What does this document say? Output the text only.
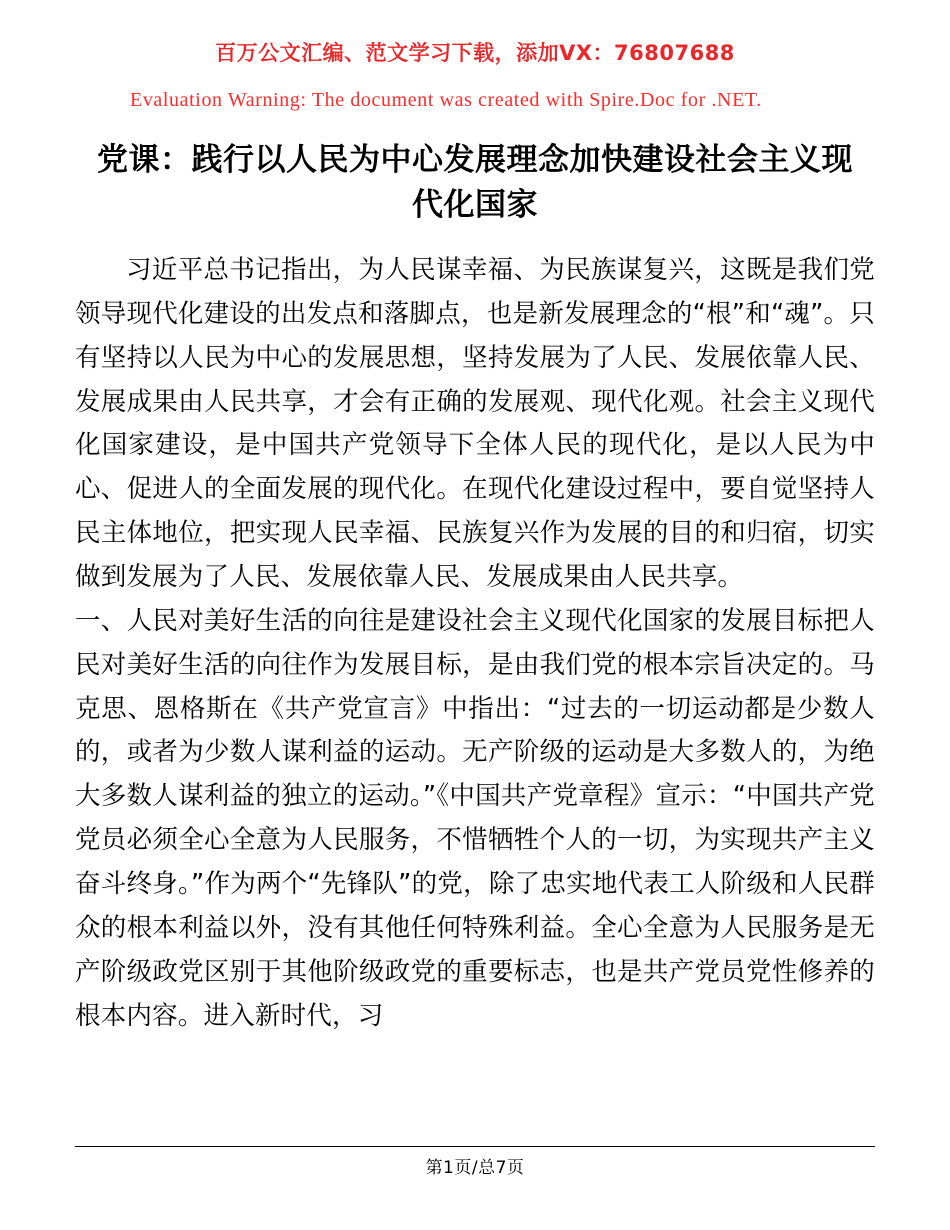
百万公文汇编、范文学习下载，添加VX：76807688
Evaluation Warning: The document was created with Spire.Doc for .NET.
党课：践行以人民为中心发展理念加快建设社会主义现代化国家

习近平总书记指出，为人民谋幸福、为民族谋复兴，这既是我们党领导现代化建设的出发点和落脚点，也是新发展理念的“根”和“魂”。只有坚持以人民为中心的发展思想，坚持发展为了人民、发展依靠人民、发展成果由人民共享，才会有正确的发展观、现代化观。社会主义现代化国家建设，是中国共产党领导下全体人民的现代化，是以人民为中心、促进人的全面发展的现代化。在现代化建设过程中，要自觉坚持人民主体地位，把实现人民幸福、民族复兴作为发展的目的和归宿，切实做到发展为了人民、发展依靠人民、发展成果由人民共享。

一、人民对美好生活的向往是建设社会主义现代化国家的发展目标把人民对美好生活的向往作为发展目标，是由我们党的根本宗旨决定的。马克思、恩格斯在《共产党宣言》中指出：“过去的一切运动都是少数人的，或者为少数人谋利益的运动。无产阶级的运动是大多数人的，为绝大多数人谋利益的独立的运动。”《中国共产党章程》宣示：“中国共产党党员必须全心全意为人民服务，不惜牺牲个人的一切，为实现共产主义奋斗终身。”作为两个“先锋队”的党，除了忠实地代表工人阶级和人民群众的根本利益以外，没有其他任何特殊利益。全心全意为人民服务是无产阶级政党区别于其他阶级政党的重要标志，也是共产党员党性修养的根本内容。进入新时代，习

第1页/总7页
